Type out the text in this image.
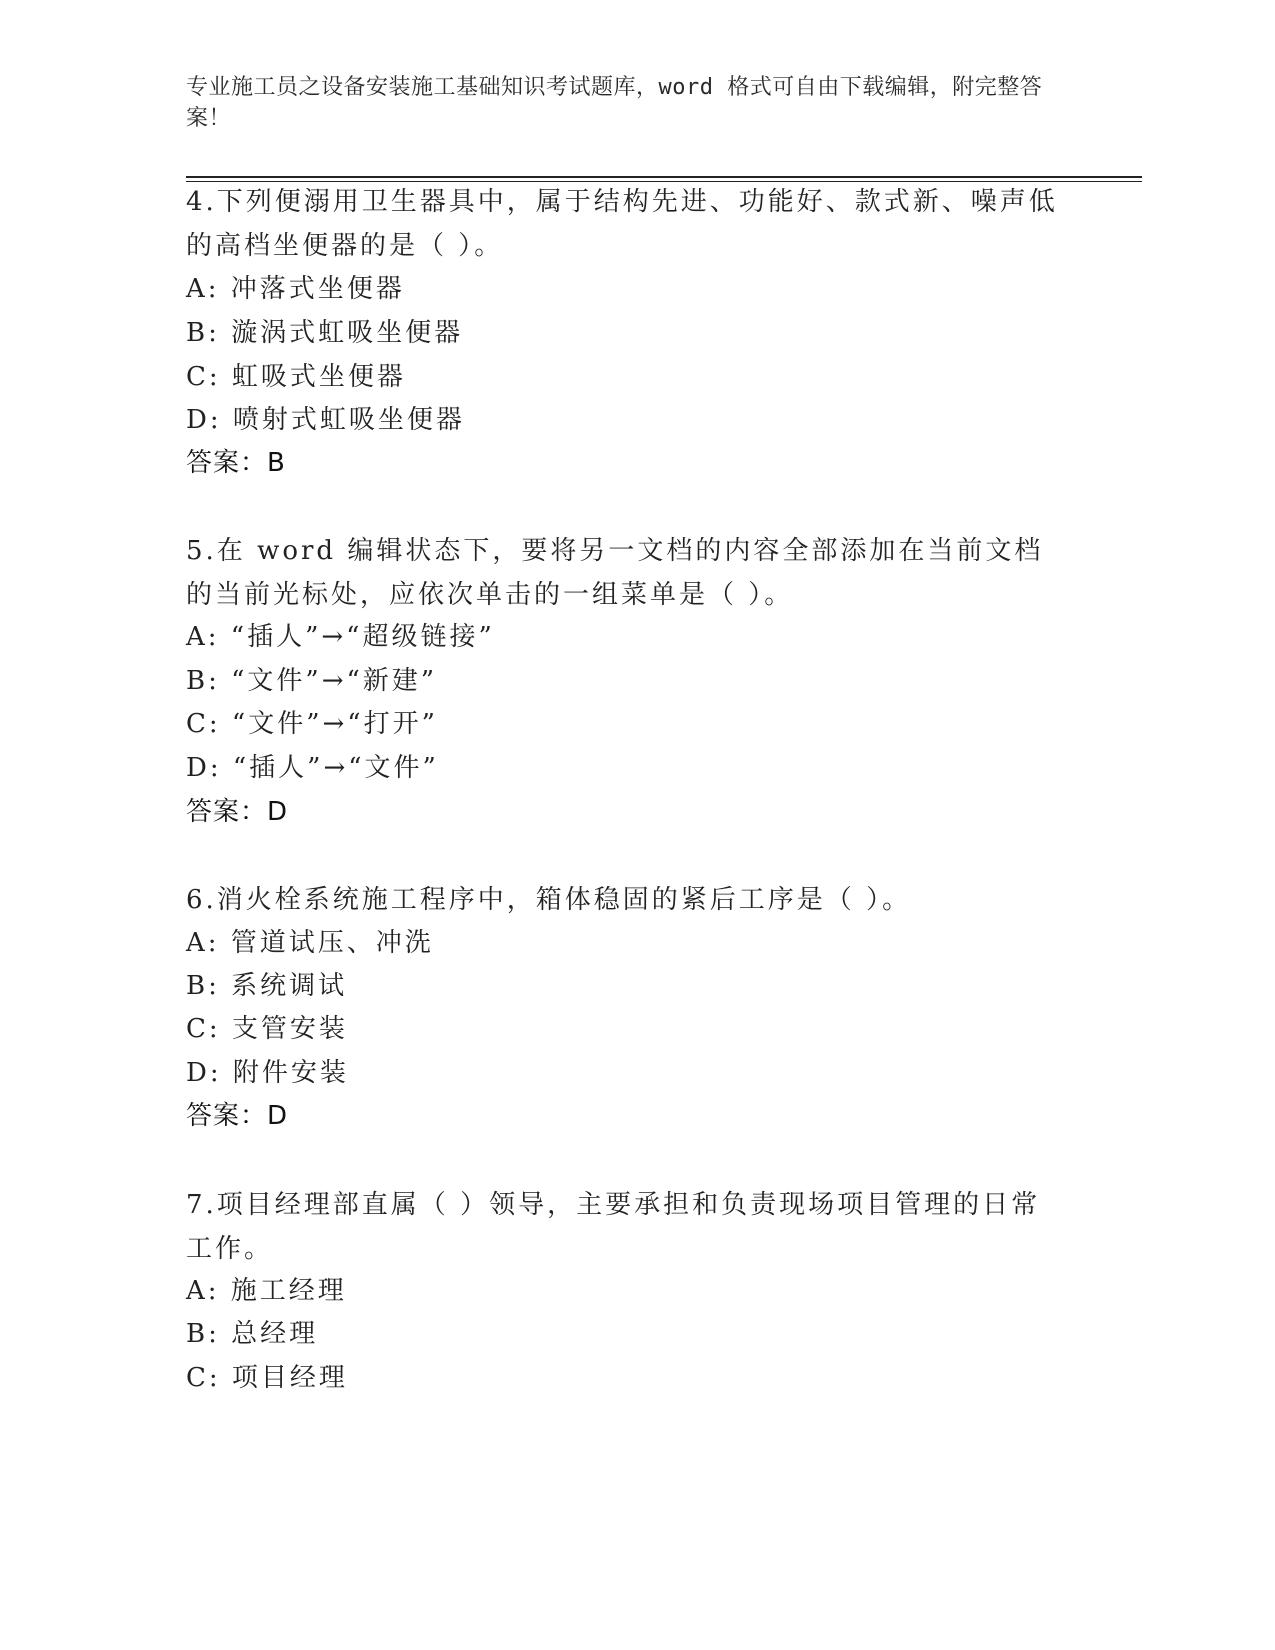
专业施工员之设备安装施工基础知识考试题库，word 格式可自由下载编辑，附完整答案！
4.下列便溺用卫生器具中，属于结构先进、功能好、款式新、噪声低的高档坐便器的是（ ）。
A: 冲落式坐便器
B: 漩涡式虹吸坐便器
C: 虹吸式坐便器
D: 喷射式虹吸坐便器
答案：B
5.在 word 编辑状态下，要将另一文档的内容全部添加在当前文档的当前光标处，应依次单击的一组菜单是（ ）。
A: “插人”→“超级链接”
B: “文件”→“新建”
C: “文件”→“打开”
D: “插人”→“文件”
答案：D
6.消火栓系统施工程序中，箱体稳固的紧后工序是（ ）。
A: 管道试压、冲洗
B: 系统调试
C: 支管安装
D: 附件安装
答案：D
7.项目经理部直属（ ）领导，主要承担和负责现场项目管理的日常工作。
A: 施工经理
B: 总经理
C: 项目经理
